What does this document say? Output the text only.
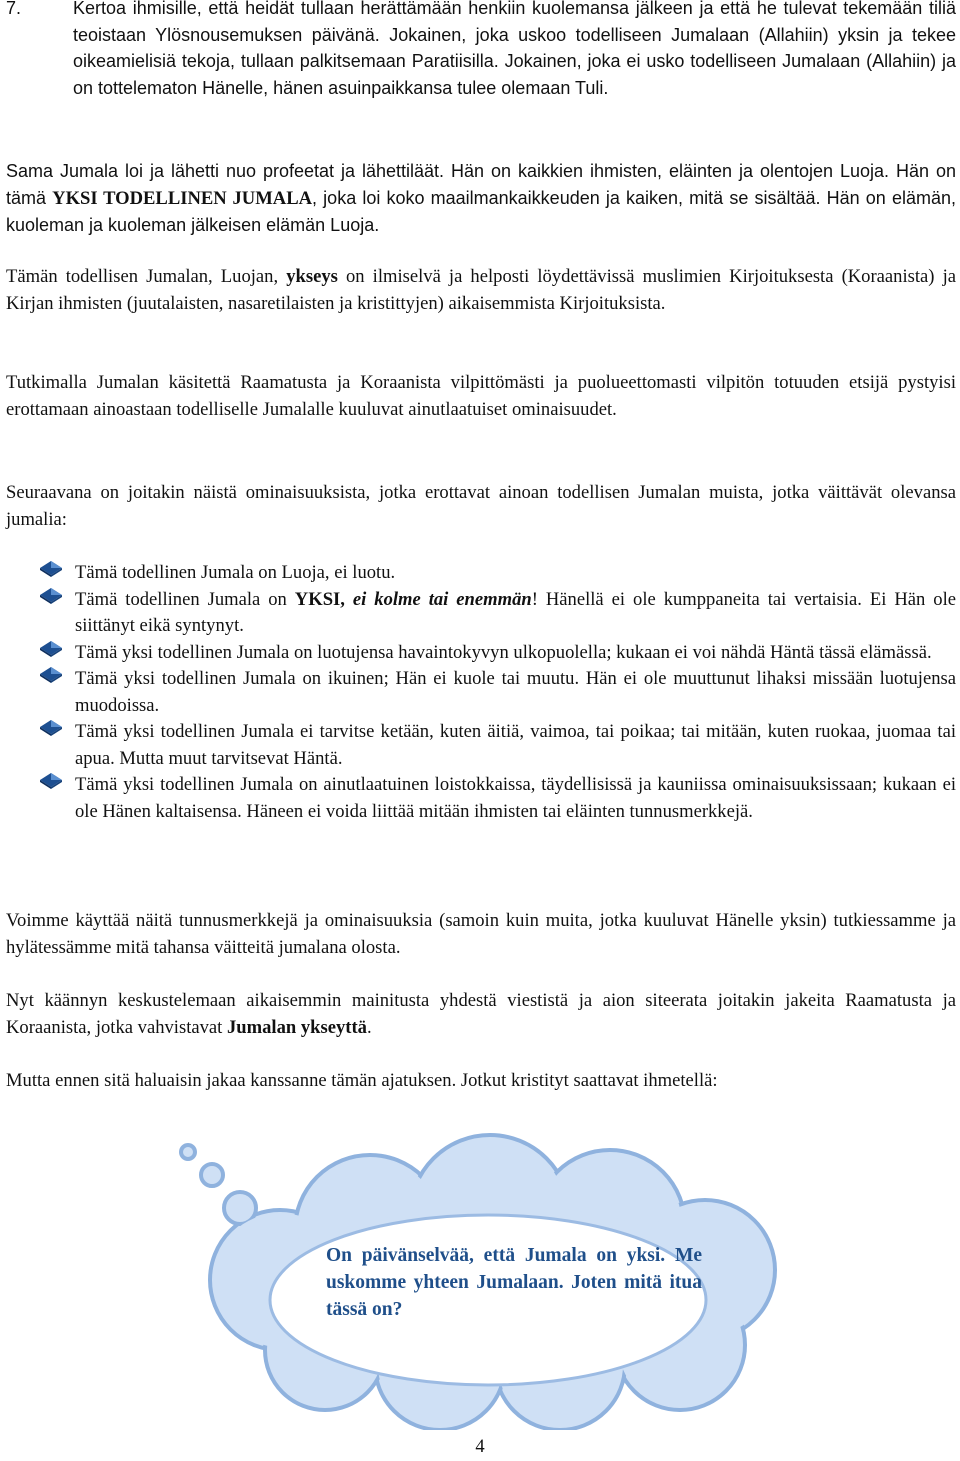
7.	Kertoa ihmisille, että heidät tullaan herättämään henkiin kuolemansa jälkeen ja että he tulevat tekemään tiliä teoistaan Ylösnousemuksen päivänä. Jokainen, joka uskoo todelliseen Jumalaan (Allahiin) yksin ja tekee oikeamielisiä tekoja, tullaan palkitsemaan Paratiisilla. Jokainen, joka ei usko todelliseen Jumalaan (Allahiin) ja on tottelematon Hänelle, hänen asuinpaikkansa tulee olemaan Tuli.

Sama Jumala loi ja lähetti nuo profeetat ja lähettiläät. Hän on kaikkien ihmisten, eläinten ja olentojen Luoja. Hän on tämä YKSI TODELLINEN JUMALA, joka loi koko maailmankaikkeuden ja kaiken, mitä se sisältää. Hän on elämän, kuoleman ja kuoleman jälkeisen elämän Luoja.

Tämän todellisen Jumalan, Luojan, ykseys on ilmiselvä ja helposti löydettävissä muslimien Kirjoituksesta (Koraanista) ja Kirjan ihmisten (juutalaisten, nasaretilaisten ja kristittyjen) aikaisemmista Kirjoituksista.

Tutkimalla Jumalan käsitettä Raamatusta ja Koraanista vilpittömästi ja puolueettomasti vilpitön totuuden etsijä pystyisi erottamaan ainoastaan todelliselle Jumalalle kuuluvat ainutlaatuiset ominaisuudet.

Seuraavana on joitakin näistä ominaisuuksista, jotka erottavat ainoan todellisen Jumalan muista, jotka väittävät olevansa jumalia:

Tämä todellinen Jumala on Luoja, ei luotu.
Tämä todellinen Jumala on YKSI, ei kolme tai enemmän! Hänellä ei ole kumppaneita tai vertaisia. Ei Hän ole siittänyt eikä syntynyt.
Tämä yksi todellinen Jumala on luotujensa havaintokyvyn ulkopuolella; kukaan ei voi nähdä Häntä tässä elämässä.
Tämä yksi todellinen Jumala on ikuinen; Hän ei kuole tai muutu. Hän ei ole muuttunut lihaksi missään luotujensa muodoissa.
Tämä yksi todellinen Jumala ei tarvitse ketään, kuten äitiä, vaimoa, tai poikaa; tai mitään, kuten ruokaa, juomaa tai apua. Mutta muut tarvitsevat Häntä.
Tämä yksi todellinen Jumala on ainutlaatuinen loistokkaissa, täydellisissä ja kauniissa ominaisuuksissaan; kukaan ei ole Hänen kaltaisensa. Häneen ei voida liittää mitään ihmisten tai eläinten tunnusmerkkejä.

Voimme käyttää näitä tunnusmerkkejä ja ominaisuuksia (samoin kuin muita, jotka kuuluvat Hänelle yksin) tutkiessamme ja hylätessämme mitä tahansa väitteitä jumalana olosta.

Nyt käännyn keskustelemaan aikaisemmin mainitusta yhdestä viestistä ja aion siteerata joitakin jakeita Raamatusta ja Koraanista, jotka vahvistavat Jumalan ykseyttä.

Mutta ennen sitä haluaisin jakaa kanssanne tämän ajatuksen. Jotkut kristityt saattavat ihmetellä:

On päivänselvää, että Jumala on yksi. Me uskomme yhteen Jumalaan. Joten mitä itua tässä on?

4
